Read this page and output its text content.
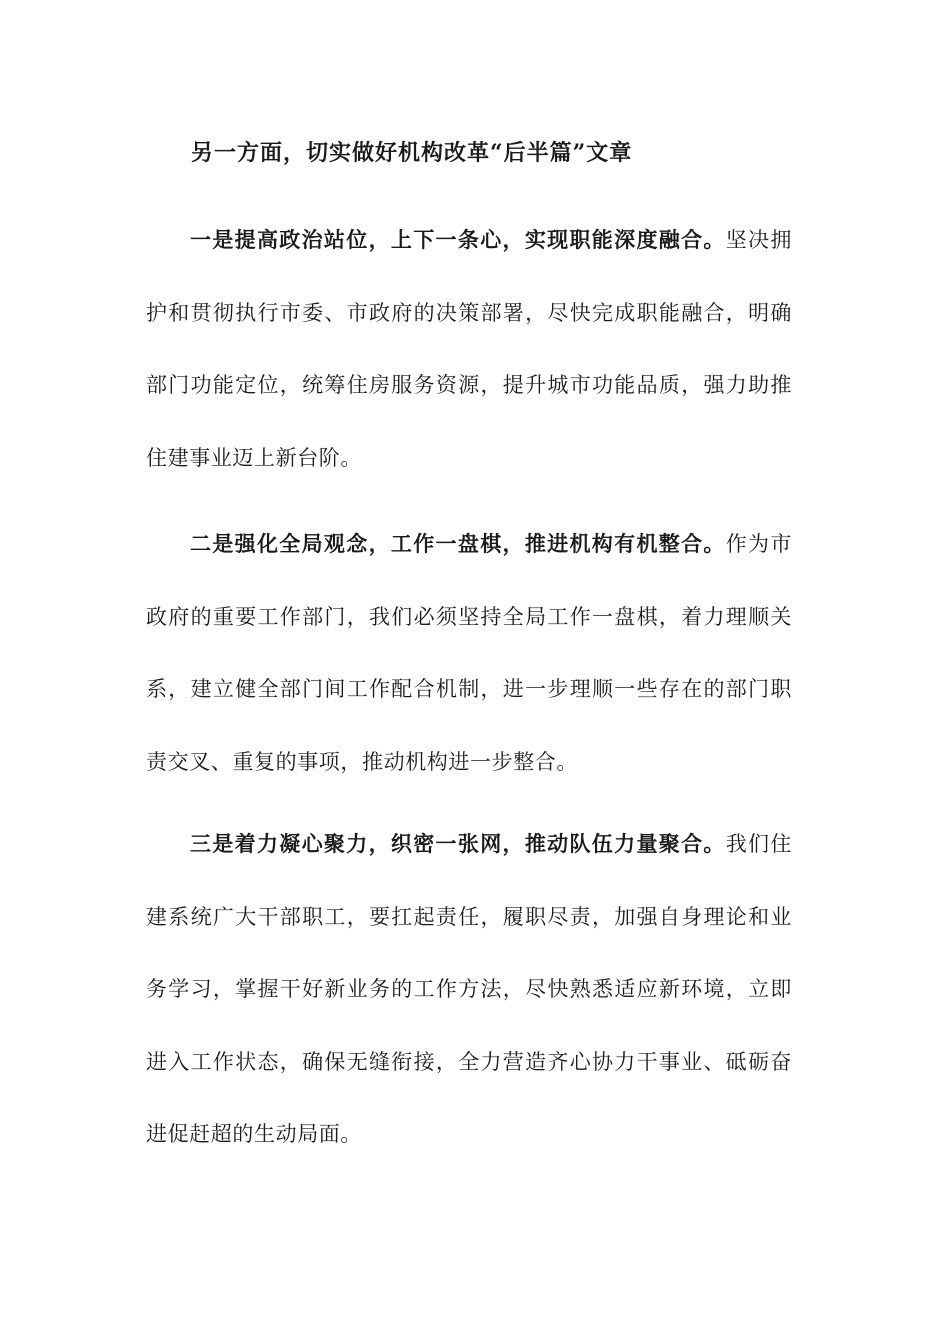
另一方面，切实做好机构改革“后半篇”文章

一是提高政治站位，上下一条心，实现职能深度融合。坚决拥护和贯彻执行市委、市政府的决策部署，尽快完成职能融合，明确部门功能定位，统筹住房服务资源，提升城市功能品质，强力助推住建事业迈上新台阶。

二是强化全局观念，工作一盘棋，推进机构有机整合。作为市政府的重要工作部门，我们必须坚持全局工作一盘棋，着力理顺关系，建立健全部门间工作配合机制，进一步理顺一些存在的部门职责交叉、重复的事项，推动机构进一步整合。

三是着力凝心聚力，织密一张网，推动队伍力量聚合。我们住建系统广大干部职工，要扛起责任，履职尽责，加强自身理论和业务学习，掌握干好新业务的工作方法，尽快熟悉适应新环境，立即进入工作状态，确保无缝衔接，全力营造齐心协力干事业、砥砺奋进促赶超的生动局面。
